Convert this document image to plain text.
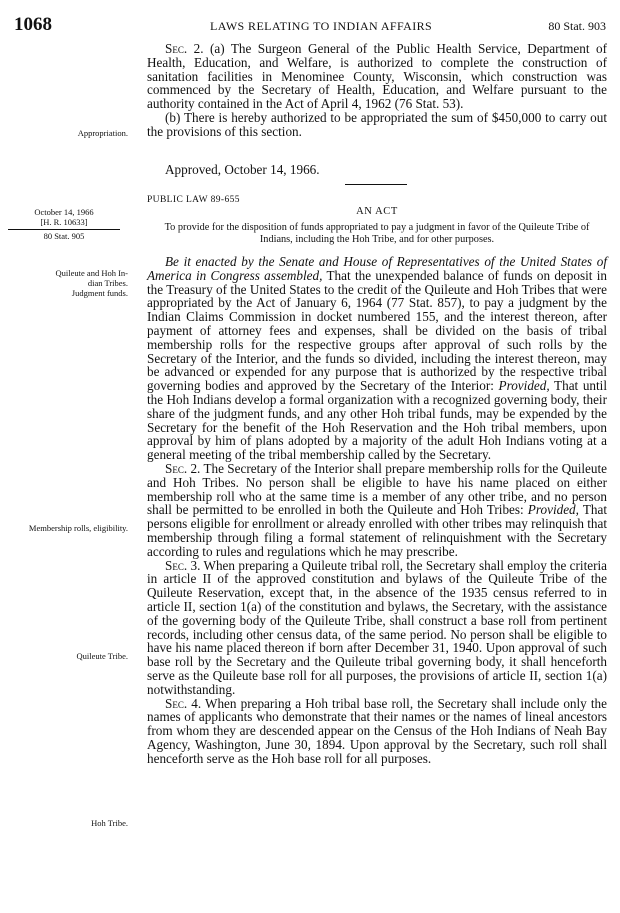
1068	LAWS RELATING TO INDIAN AFFAIRS	80 Stat. 903

Sec. 2. (a) The Surgeon General of the Public Health Service, Department of Health, Education, and Welfare, is authorized to complete the construction of sanitation facilities in Menominee County, Wisconsin, which construction was commenced by the Secretary of Health, Education, and Welfare pursuant to the authority contained in the Act of April 4, 1962 (76 Stat. 53).

(b) There is hereby authorized to be appropriated the sum of $450,000 to carry out the provisions of this section.

Appropriation.
Approved, October 14, 1966.
PUBLIC LAW 89-655
AN ACT
To provide for the disposition of funds appropriated to pay a judgment in favor of the Quileute Tribe of Indians, including the Hoh Tribe, and for other purposes.
October 14, 1966
[H. R. 10633]
80 Stat. 905

Be it enacted by the Senate and House of Representatives of the United States of America in Congress assembled, That the unexpended balance of funds on deposit in the Treasury of the United States to the credit of the Quileute and Hoh Tribes that were appropriated by the Act of January 6, 1964 (77 Stat. 857), to pay a judgment by the Indian Claims Commission in docket numbered 155, and the interest thereon, after payment of attorney fees and expenses, shall be divided on the basis of tribal membership rolls for the respective groups after approval of such rolls by the Secretary of the Interior, and the funds so divided, including the interest thereon, may be advanced or expended for any purpose that is authorized by the respective tribal governing bodies and approved by the Secretary of the Interior: Provided, That until the Hoh Indians develop a formal organization with a recognized governing body, their share of the judgment funds, and any other Hoh tribal funds, may be expended by the Secretary for the benefit of the Hoh Reservation and the Hoh tribal members, upon approval by him of plans adopted by a majority of the adult Hoh Indians voting at a general meeting of the tribal membership called by the Secretary.

Sec. 2. The Secretary of the Interior shall prepare membership rolls for the Quileute and Hoh Tribes. No person shall be eligible to have his name placed on either membership roll who at the same time is a member of any other tribe, and no person shall be permitted to be enrolled in both the Quileute and Hoh Tribes: Provided, That persons eligible for enrollment or already enrolled with other tribes may relinquish that membership through filing a formal statement of relinquishment with the Secretary according to rules and regulations which he may prescribe.

Sec. 3. When preparing a Quileute tribal roll, the Secretary shall employ the criteria in article II of the approved constitution and bylaws of the Quileute Tribe of the Quileute Reservation, except that, in the absence of the 1935 census referred to in article II, section 1(a) of the constitution and bylaws, the Secretary, with the assistance of the governing body of the Quileute Tribe, shall construct a base roll from pertinent records, including other census data, of the same period. No person shall be eligible to have his name placed thereon if born after December 31, 1940. Upon approval of such base roll by the Secretary and the Quileute tribal governing body, it shall henceforth serve as the Quileute base roll for all purposes, the provisions of article II, section 1(a) notwithstanding.

Sec. 4. When preparing a Hoh tribal base roll, the Secretary shall include only the names of applicants who demonstrate that their names or the names of lineal ancestors from whom they are descended appear on the Census of the Hoh Indians of Neah Bay Agency, Washington, June 30, 1894. Upon approval by the Secretary, such roll shall henceforth serve as the Hoh base roll for all purposes.

Quileute and Hoh In-
dian Tribes.
Judgment funds.
Membership rolls, eligibility.
Quileute Tribe.
Hoh Tribe.
